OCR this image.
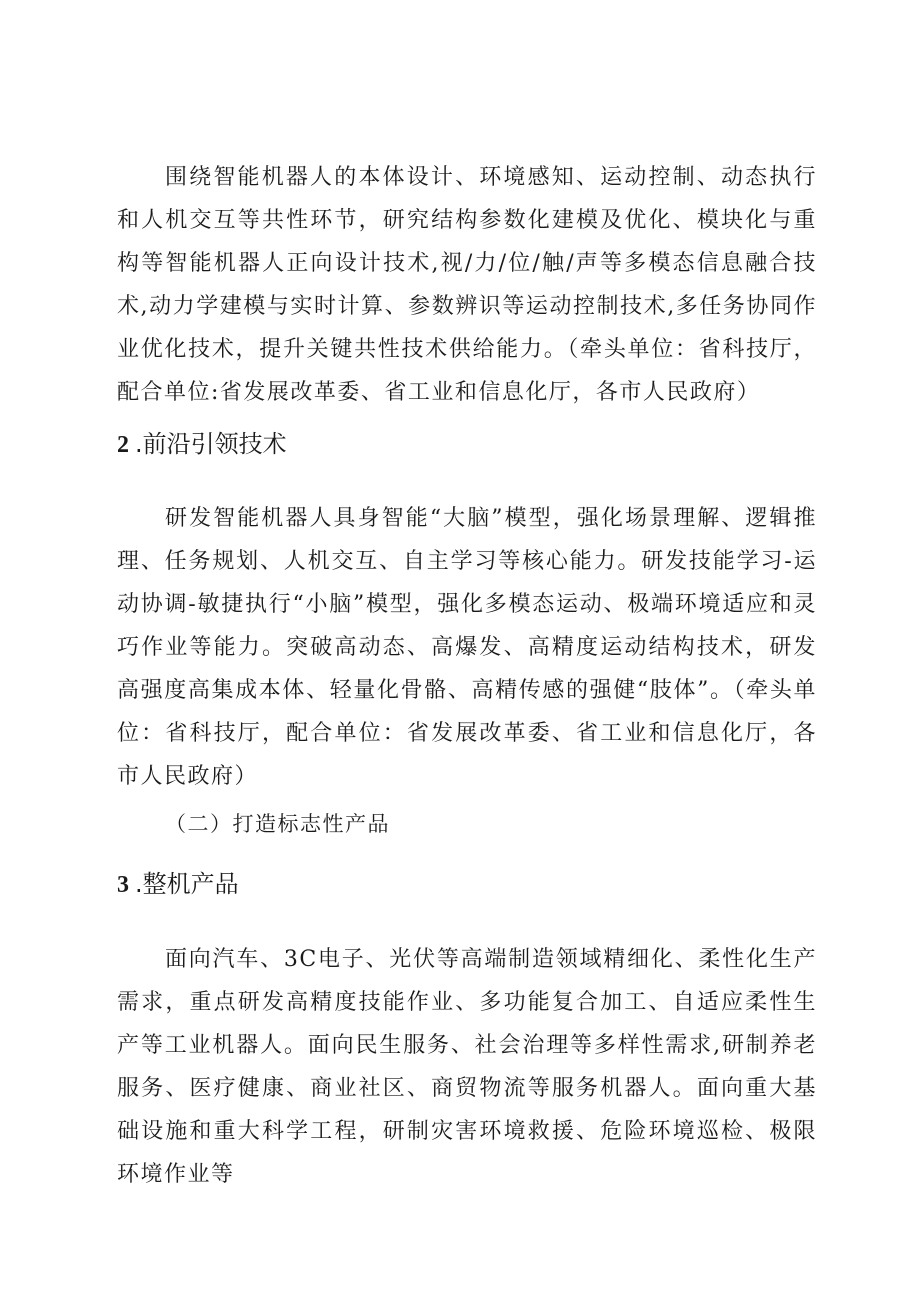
围绕智能机器人的本体设计、环境感知、运动控制、动态执行和人机交互等共性环节，研究结构参数化建模及优化、模块化与重构等智能机器人正向设计技术,视/力/位/触/声等多模态信息融合技术,动力学建模与实时计算、参数辨识等运动控制技术,多任务协同作业优化技术，提升关键共性技术供给能力。（牵头单位：省科技厅，配合单位:省发展改革委、省工业和信息化厅，各市人民政府）

2 .前沿引领技术

研发智能机器人具身智能“大脑”模型，强化场景理解、逻辑推理、任务规划、人机交互、自主学习等核心能力。研发技能学习-运动协调-敏捷执行“小脑”模型，强化多模态运动、极端环境适应和灵巧作业等能力。突破高动态、高爆发、高精度运动结构技术，研发高强度高集成本体、轻量化骨骼、高精传感的强健“肢体”。（牵头单位：省科技厅，配合单位：省发展改革委、省工业和信息化厅，各市人民政府）

（二）打造标志性产品

3 .整机产品

面向汽车、3C电子、光伏等高端制造领域精细化、柔性化生产需求，重点研发高精度技能作业、多功能复合加工、自适应柔性生产等工业机器人。面向民生服务、社会治理等多样性需求,研制养老服务、医疗健康、商业社区、商贸物流等服务机器人。面向重大基础设施和重大科学工程，研制灾害环境救援、危险环境巡检、极限环境作业等
